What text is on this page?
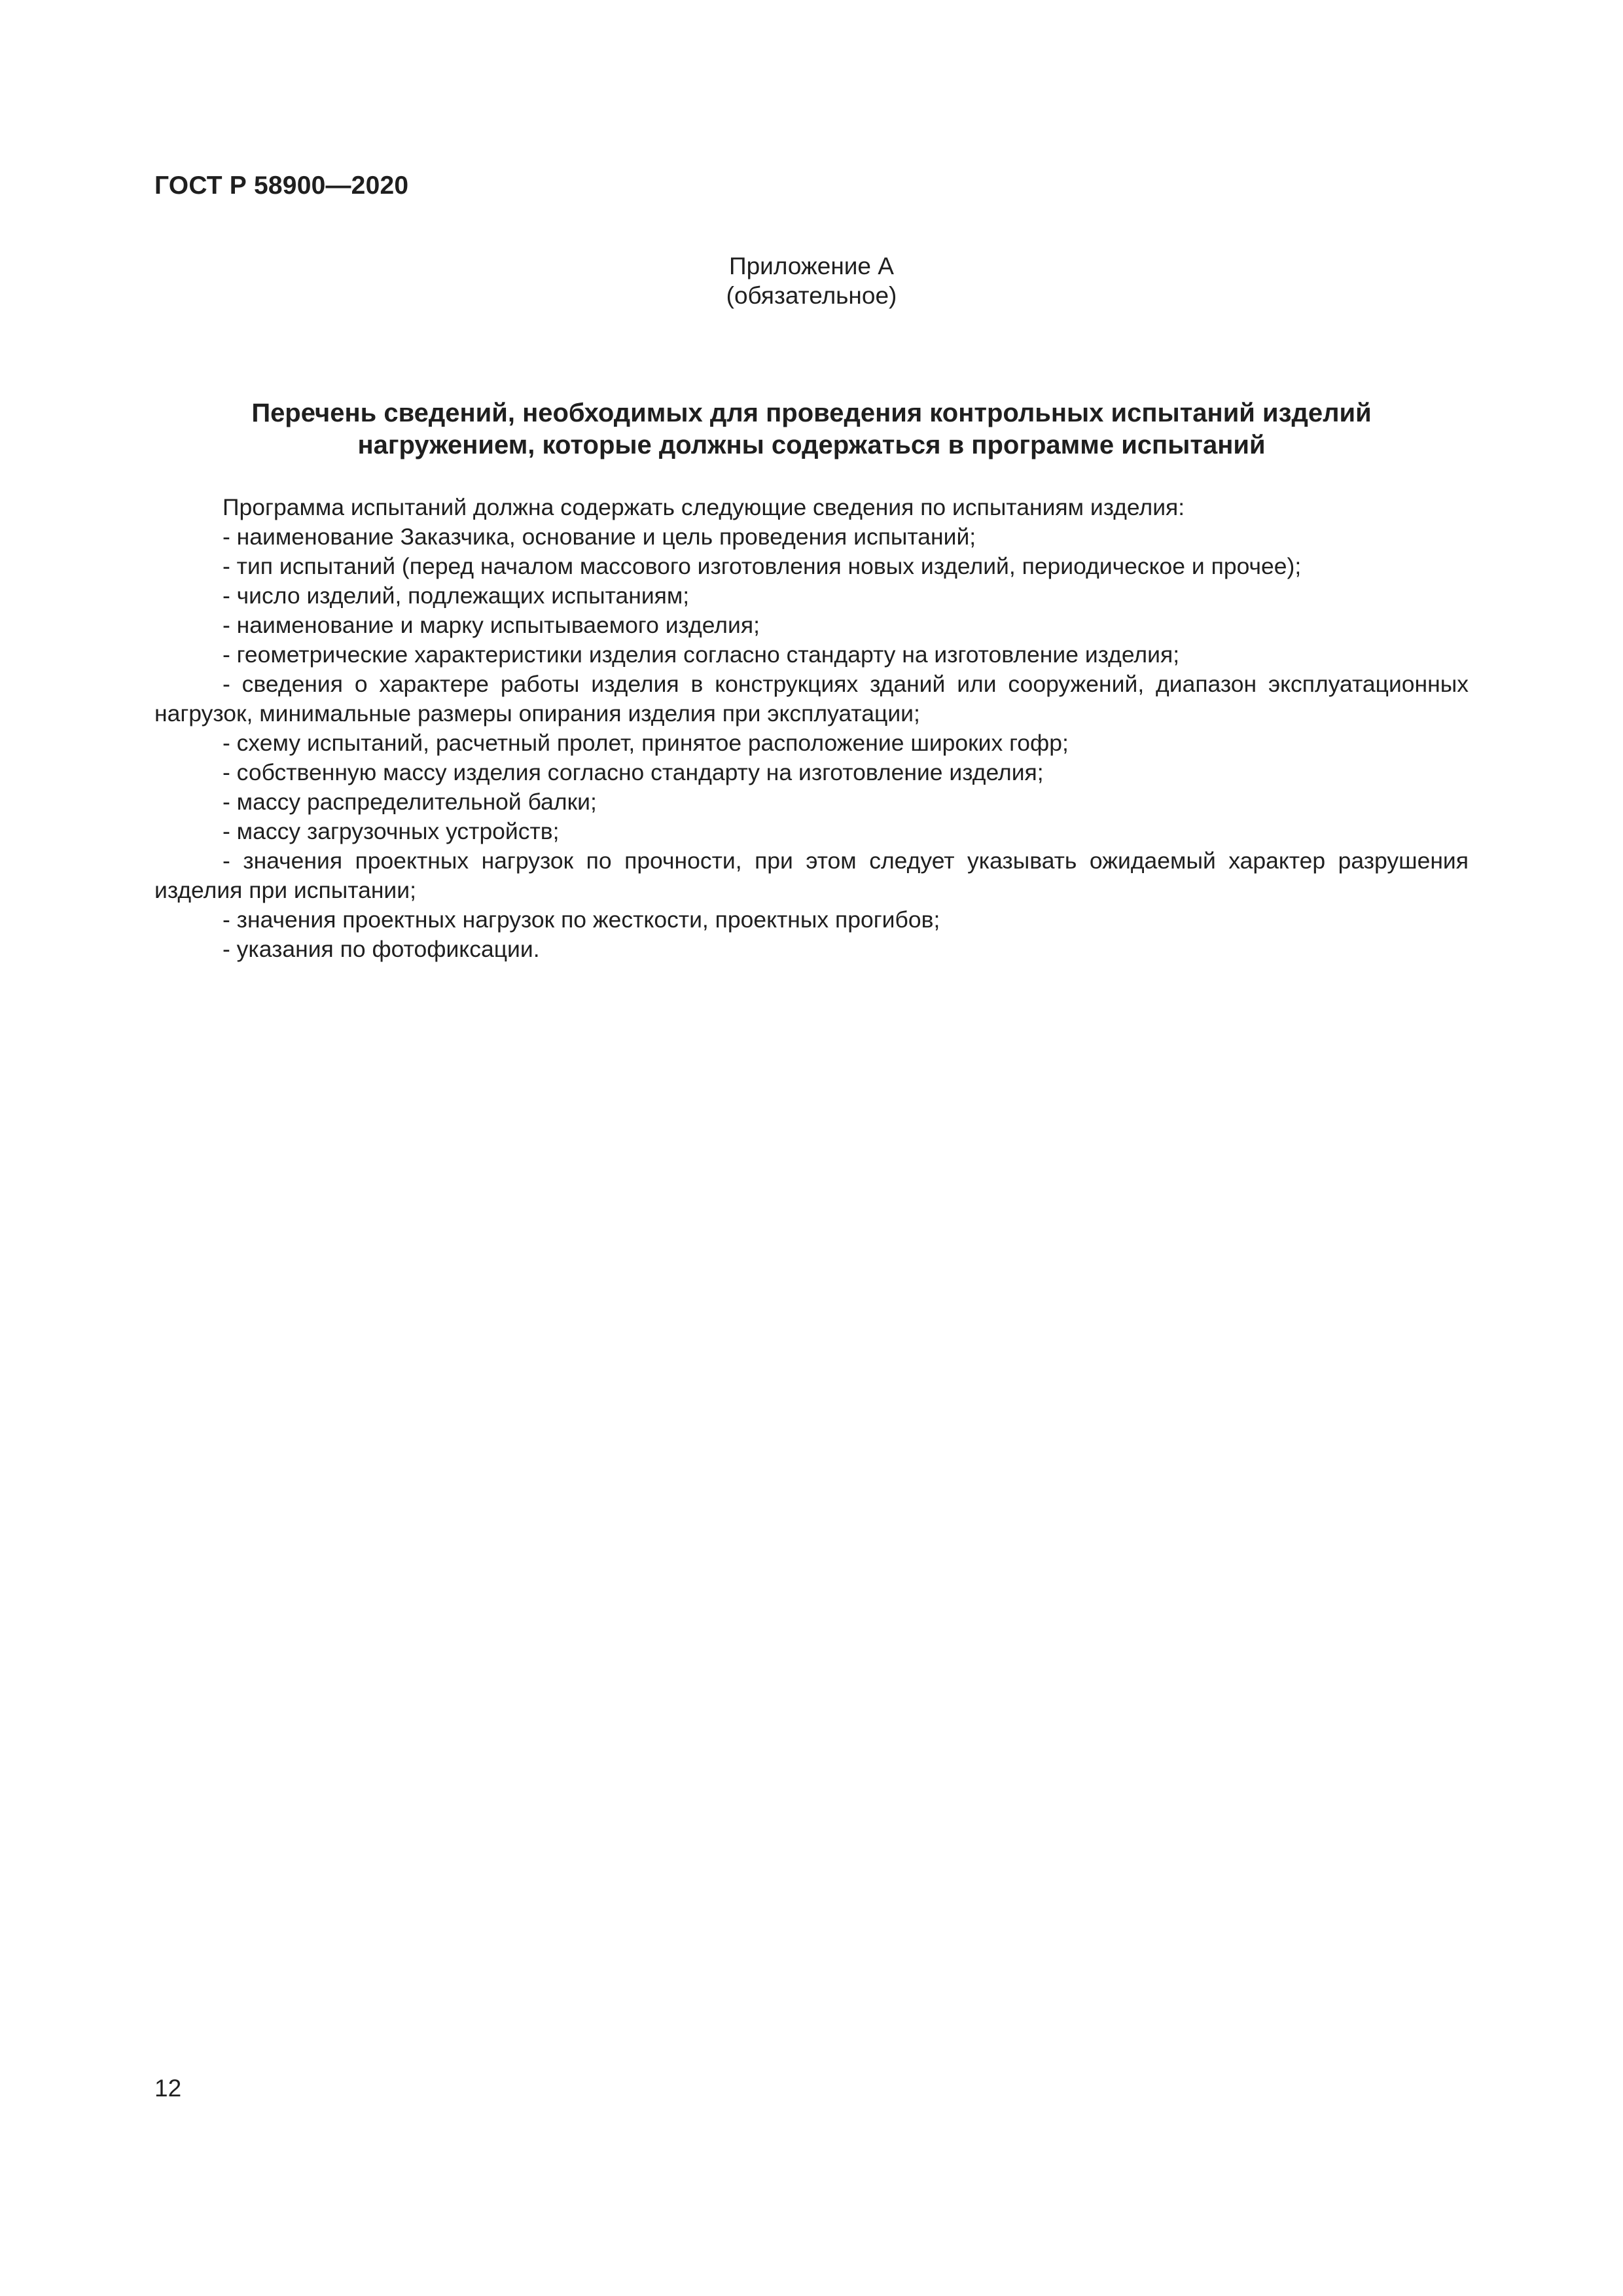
ГОСТ Р 58900—2020
Приложение А
(обязательное)
Перечень сведений, необходимых для проведения контрольных испытаний изделий
нагружением, которые должны содержаться в программе испытаний

Программа испытаний должна содержать следующие сведения по испытаниям изделия:

- наименование Заказчика, основание и цель проведения испытаний;

- тип испытаний (перед началом массового изготовления новых изделий, периодическое и прочее);

- число изделий, подлежащих испытаниям;

- наименование и марку испытываемого изделия;

- геометрические характеристики изделия согласно стандарту на изготовление изделия;

- сведения о характере работы изделия в конструкциях зданий или сооружений, диапазон эксплуатационных нагрузок, минимальные размеры опирания изделия при эксплуатации;

- схему испытаний, расчетный пролет, принятое расположение широких гофр;

- собственную массу изделия согласно стандарту на изготовление изделия;

- массу распределительной балки;

- массу загрузочных устройств;

- значения проектных нагрузок по прочности, при этом следует указывать ожидаемый характер разрушения изделия при испытании;

- значения проектных нагрузок по жесткости, проектных прогибов;

- указания по фотофиксации.

12
